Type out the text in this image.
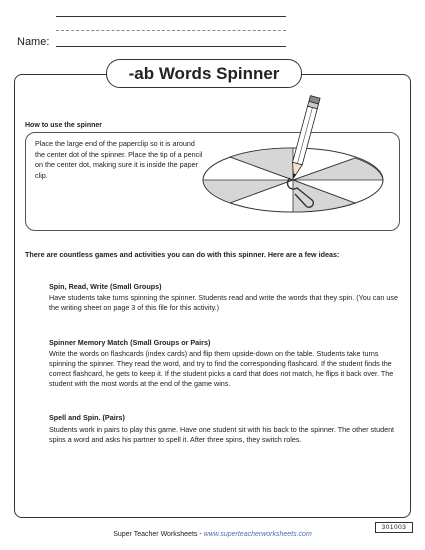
Name:
-ab Words Spinner
How to use the spinner
Place the large end of the paperclip so it is around the center dot of the spinner. Place the tip of a pencil on the center dot, making sure it is inside the paper clip.
There are countless games and activities you can do with this spinner. Here are a few ideas:
Spin, Read, Write (Small Groups)
Have students take turns spinning the spinner. Students read and write the words that they spin. (You can use the writing sheet on page 3 of this file for this activity.)
Spinner Memory Match (Small Groups or Pairs)
Write the words on flashcards (index cards) and flip them upside-down on the table. Students take turns spinning the spinner. They read the word, and try to find the corresponding flashcard. If the student finds the correct flashcard, he gets to keep it. If the student picks a card that does not match, he flips it back over. The student with the most words at the end of the game wins.
Spell and Spin. (Pairs)
Students work in pairs to play this game. Have one student sit with his back to the spinner. The other student spins a word and asks his partner to spell it. After three spins, they switch roles.
301003
Super Teacher Worksheets - www.superteacherworksheets.com
